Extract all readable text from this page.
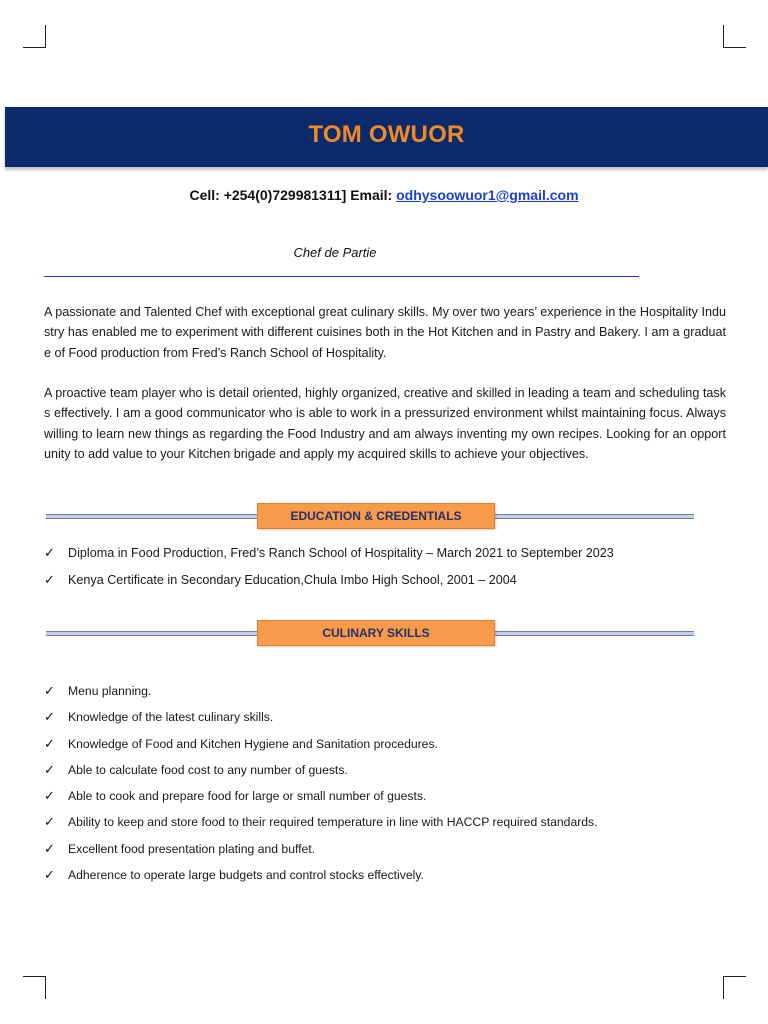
TOM OWUOR
Cell: +254(0)729981311] Email: odhysoowuor1@gmail.com
Chef de Partie

A passionate and Talented Chef with exceptional great culinary skills. My over two years’ experience in the Hospitality Industry has enabled me to experiment with different cuisines both in the Hot Kitchen and in Pastry and Bakery. I am a graduate of Food production from Fred’s Ranch School of Hospitality.

A proactive team player who is detail oriented, highly organized, creative and skilled in leading a team and scheduling tasks effectively. I am a good communicator who is able to work in a pressurized environment whilst maintaining focus. Always willing to learn new things as regarding the Food Industry and am always inventing my own recipes. Looking for an opportunity to add value to your Kitchen brigade and apply my acquired skills to achieve your objectives.

EDUCATION & CREDENTIALS
✓ Diploma in Food Production, Fred’s Ranch School of Hospitality – March 2021 to September 2023
✓ Kenya Certificate in Secondary Education,Chula Imbo High School, 2001 – 2004
CULINARY SKILLS
✓ Menu planning.
✓ Knowledge of the latest culinary skills.
✓ Knowledge of Food and Kitchen Hygiene and Sanitation procedures.
✓ Able to calculate food cost to any number of guests.
✓ Able to cook and prepare food for large or small number of guests.
✓ Ability to keep and store food to their required temperature in line with HACCP required standards.
✓ Excellent food presentation plating and buffet.
✓ Adherence to operate large budgets and control stocks effectively.
